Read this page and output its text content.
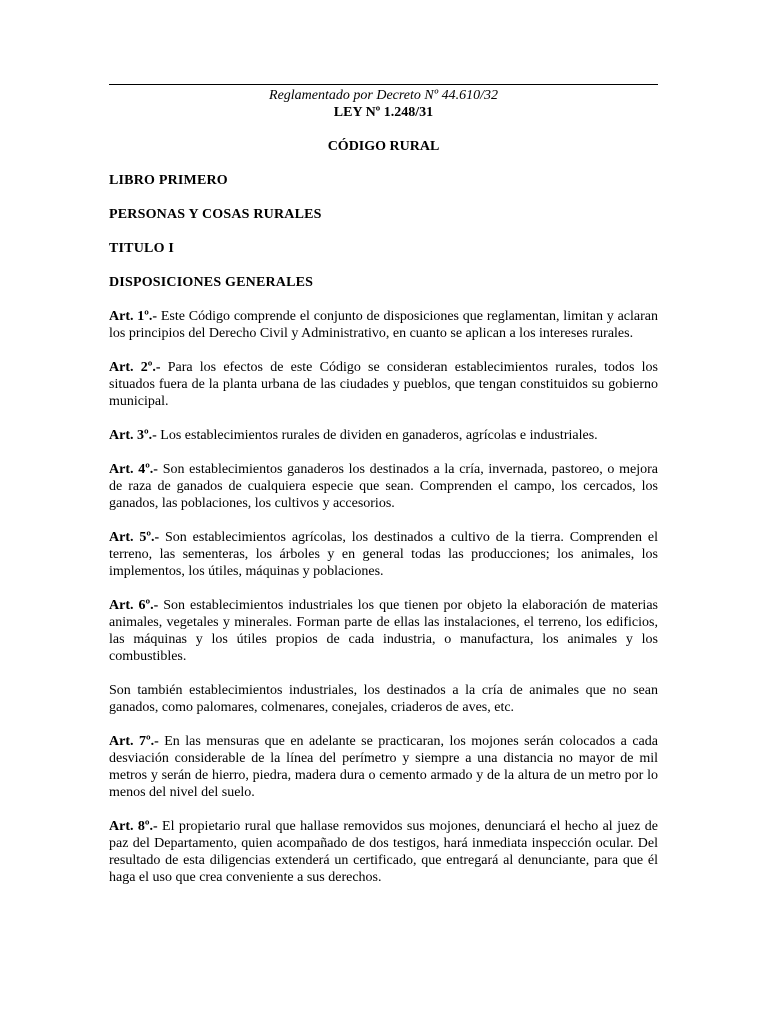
Reglamentado por Decreto Nº 44.610/32
LEY Nº 1.248/31
CÓDIGO RURAL
LIBRO PRIMERO
PERSONAS Y COSAS RURALES
TITULO I
DISPOSICIONES GENERALES

Art. 1º.- Este Código comprende el conjunto de disposiciones que reglamentan, limitan y aclaran los principios del Derecho Civil y Administrativo, en cuanto se aplican a los intereses rurales.

Art. 2º.- Para los efectos de este Código se consideran establecimientos rurales, todos los situados fuera de la planta urbana de las ciudades y pueblos, que tengan constituidos su gobierno municipal.

Art. 3º.- Los establecimientos rurales de dividen en ganaderos, agrícolas e industriales.

Art. 4º.- Son establecimientos ganaderos los destinados a la cría, invernada, pastoreo, o mejora de raza de ganados de cualquiera especie que sean. Comprenden el campo, los cercados, los ganados, las poblaciones, los cultivos y accesorios.

Art. 5º.- Son establecimientos agrícolas, los destinados a cultivo de la tierra. Comprenden el terreno, las sementeras, los árboles y en general todas las producciones; los animales, los implementos, los útiles, máquinas y poblaciones.

Art. 6º.- Son establecimientos industriales los que tienen por objeto la elaboración de materias animales, vegetales y minerales. Forman parte de ellas las instalaciones, el terreno, los edificios, las máquinas y los útiles propios de cada industria, o manufactura, los animales y los combustibles.

Son también establecimientos industriales, los destinados a la cría de animales que no sean ganados, como palomares, colmenares, conejales, criaderos de aves, etc.

Art. 7º.- En las mensuras que en adelante se practicaran, los mojones serán colocados a cada desviación considerable de la línea del perímetro y siempre a una distancia no mayor de mil metros y serán de hierro, piedra, madera dura o cemento armado y de la altura de un metro por lo menos del nivel del suelo.

Art. 8º.- El propietario rural que hallase removidos sus mojones, denunciará el hecho al juez de paz del Departamento, quien acompañado de dos testigos, hará inmediata inspección ocular. Del resultado de esta diligencias extenderá un certificado, que entregará al denunciante, para que él haga el uso que crea conveniente a sus derechos.
